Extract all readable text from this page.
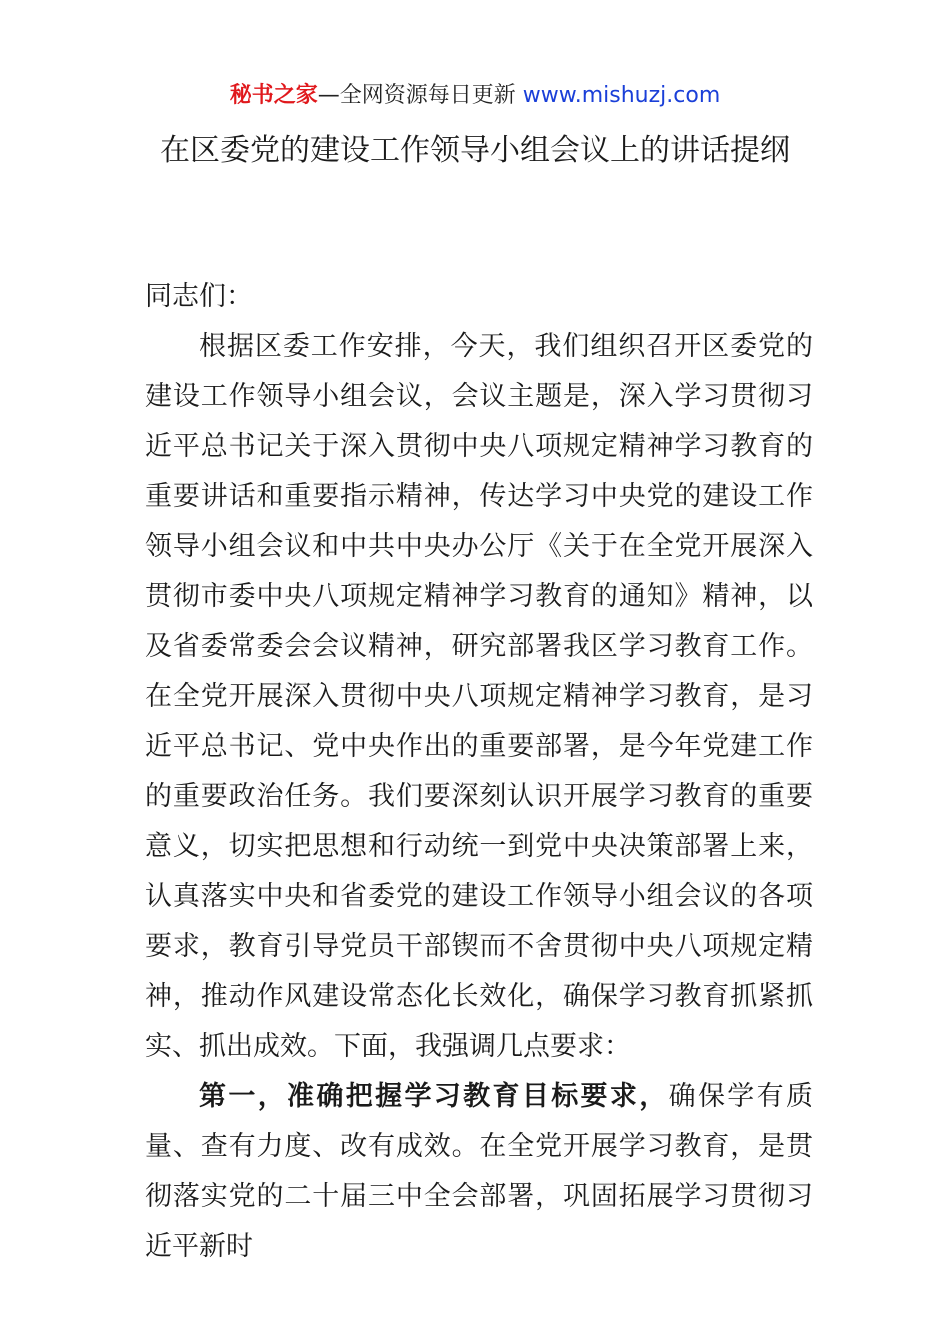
秘书之家—全网资源每日更新 www.mishuzj.com
在区委党的建设工作领导小组会议上的讲话提纲

同志们：

根据区委工作安排，今天，我们组织召开区委党的建设工作领导小组会议，会议主题是，深入学习贯彻习近平总书记关于深入贯彻中央八项规定精神学习教育的重要讲话和重要指示精神，传达学习中央党的建设工作领导小组会议和中共中央办公厅《关于在全党开展深入贯彻市委中央八项规定精神学习教育的通知》精神，以及省委常委会会议精神，研究部署我区学习教育工作。在全党开展深入贯彻中央八项规定精神学习教育，是习近平总书记、党中央作出的重要部署，是今年党建工作的重要政治任务。我们要深刻认识开展学习教育的重要意义，切实把思想和行动统一到党中央决策部署上来，认真落实中央和省委党的建设工作领导小组会议的各项要求，教育引导党员干部锲而不舍贯彻中央八项规定精神，推动作风建设常态化长效化，确保学习教育抓紧抓实、抓出成效。下面，我强调几点要求：

第一，准确把握学习教育目标要求，确保学有质量、查有力度、改有成效。在全党开展学习教育，是贯彻落实党的二十届三中全会部署，巩固拓展学习贯彻习近平新时
